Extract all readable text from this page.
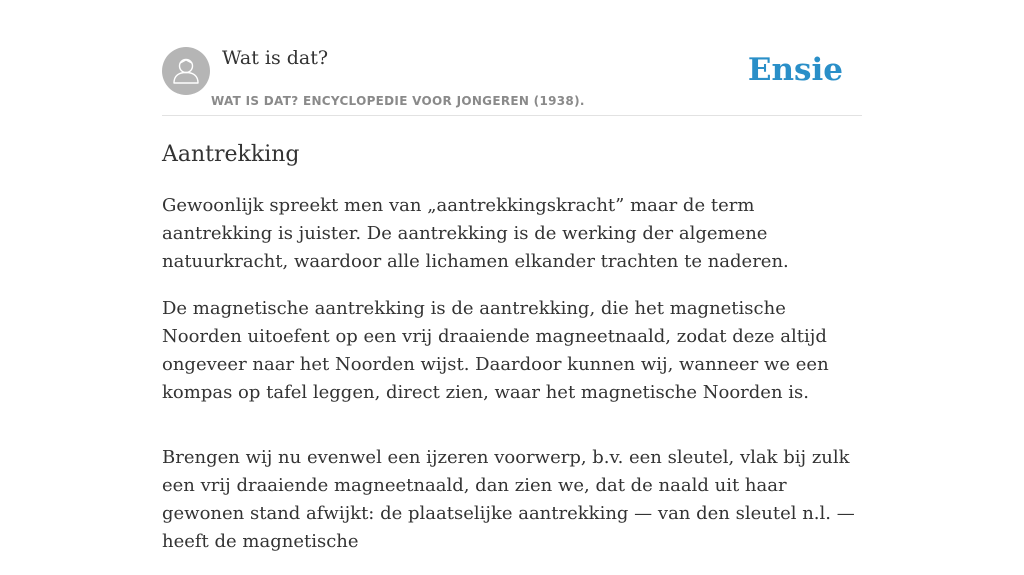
Wat is dat?
WAT IS DAT? ENCYCLOPEDIE VOOR JONGEREN (1938).
Ensie
Aantrekking

Gewoonlijk spreekt men van „aantrekkingskracht” maar de term aantrekking is juister. De aantrekking is de werking der algemene natuurkracht, waardoor alle lichamen elkander trachten te naderen.

De magnetische aantrekking is de aantrekking, die het magnetische Noorden uitoefent op een vrij draaiende magneetnaald, zodat deze altijd ongeveer naar het Noorden wijst. Daardoor kunnen wij, wanneer we een kompas op tafel leggen, direct zien, waar het magnetische Noorden is.

Brengen wij nu evenwel een ijzeren voorwerp, b.v. een sleutel, vlak bij zulk een vrij draaiende magneetnaald, dan zien we, dat de naald uit haar gewonen stand afwijkt: de plaatselijke aantrekking — van den sleutel n.l. —heeft de magnetische
